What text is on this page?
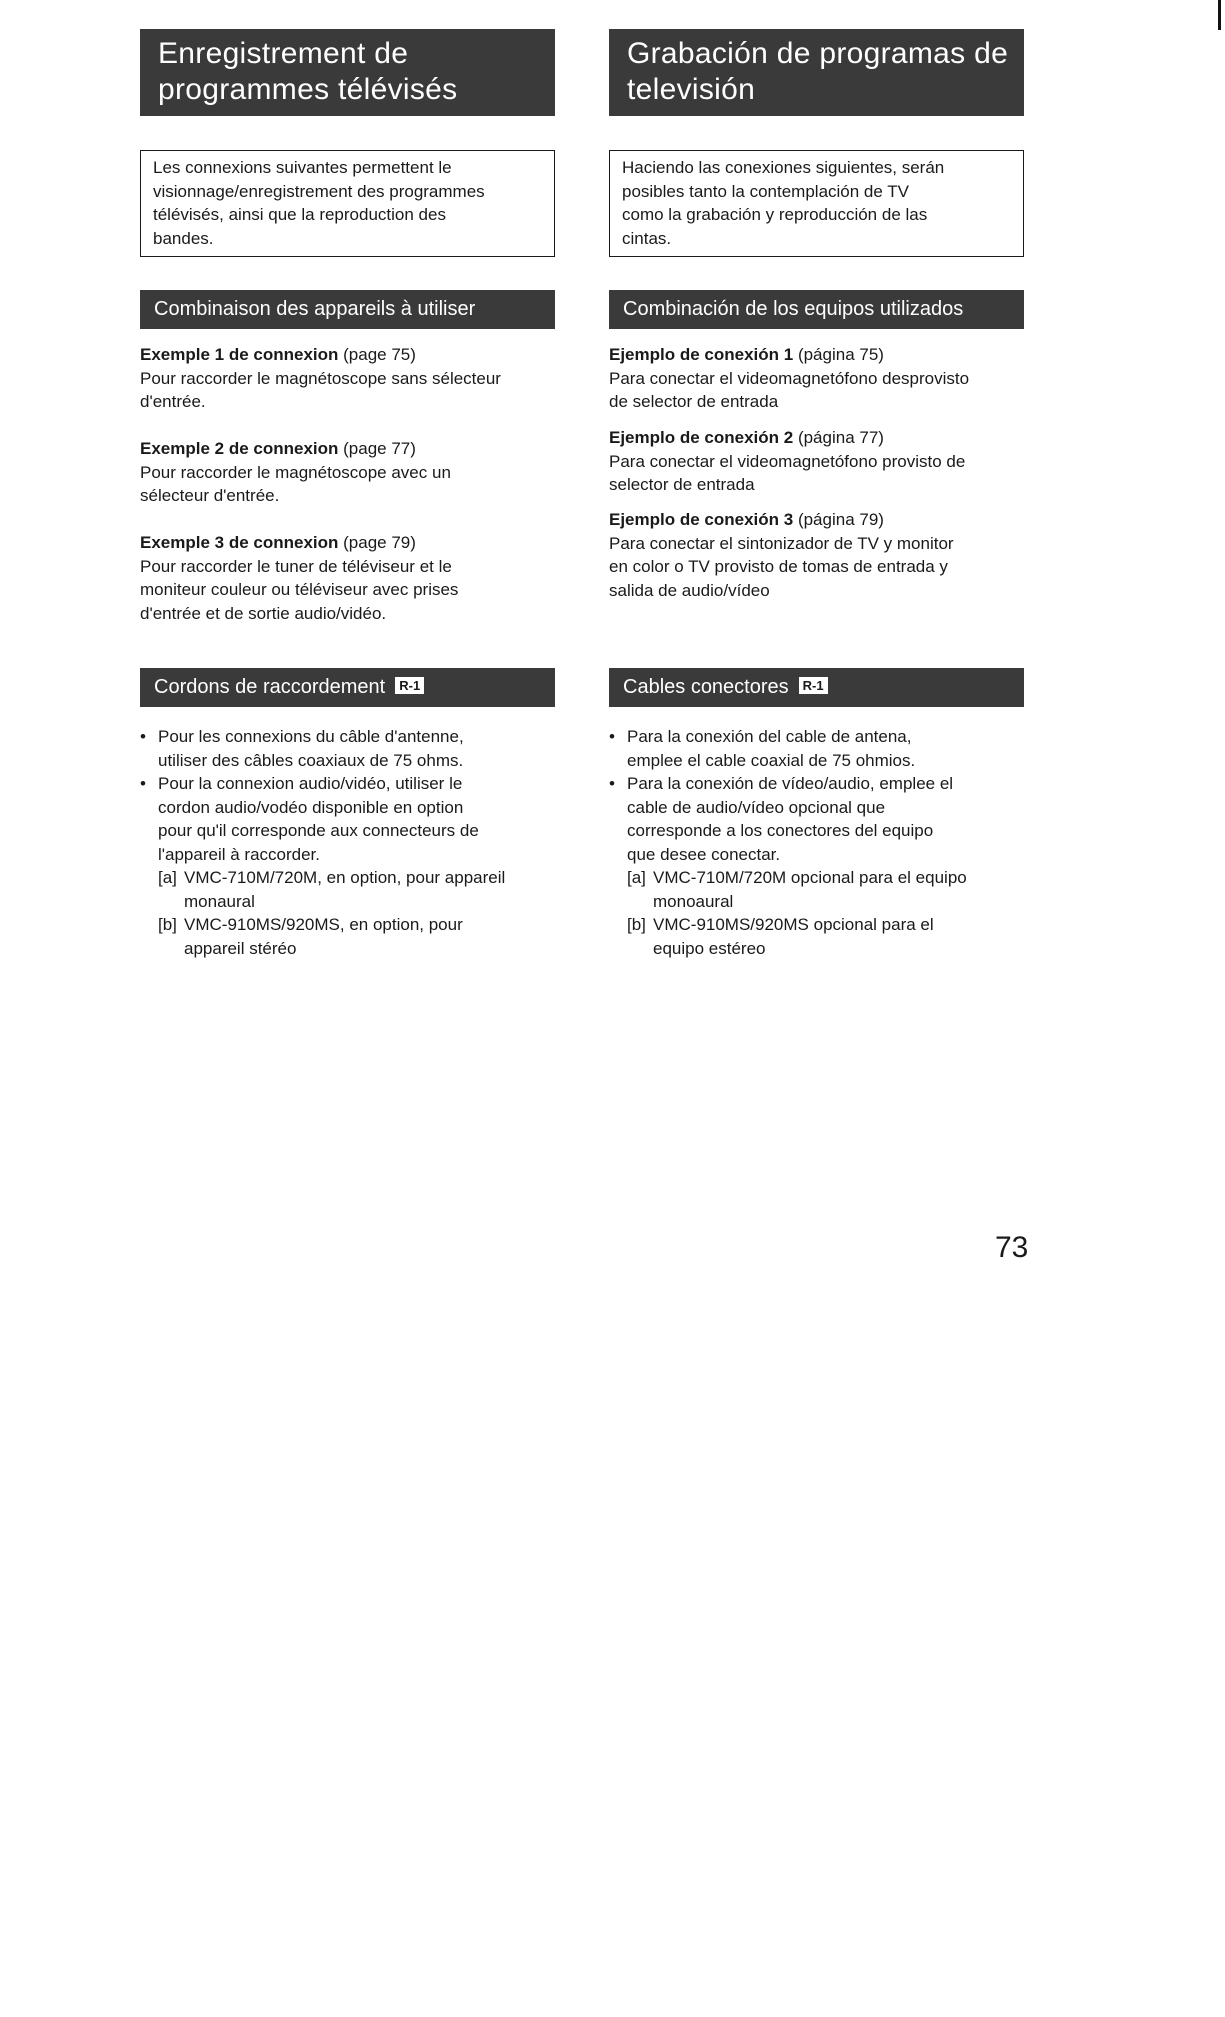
Enregistrement de
programmes télévisés
Les connexions suivantes permettent le
visionnage/enregistrement des programmes
télévisés, ainsi que la reproduction des
bandes.
Combinaison des appareils à utiliser
Exemple 1 de connexion (page 75)
Pour raccorder le magnétoscope sans sélecteur
d'entrée.
Exemple 2 de connexion (page 77)
Pour raccorder le magnétoscope avec un
sélecteur d'entrée.
Exemple 3 de connexion (page 79)
Pour raccorder le tuner de téléviseur et le
moniteur couleur ou téléviseur avec prises
d'entrée et de sortie audio/vidéo.
Cordons de raccordement R-1
• Pour les connexions du câble d'antenne,
utiliser des câbles coaxiaux de 75 ohms.
• Pour la connexion audio/vidéo, utiliser le
cordon audio/vodéo disponible en option
pour qu'il corresponde aux connecteurs de
l'appareil à raccorder.
[a] VMC-710M/720M, en option, pour appareil
monaural
[b] VMC-910MS/920MS, en option, pour
appareil stéréo
Grabación de programas de
televisión
Haciendo las conexiones siguientes, serán
posibles tanto la contemplación de TV
como la grabación y reproducción de las
cintas.
Combinación de los equipos utilizados
Ejemplo de conexión 1 (página 75)
Para conectar el videomagnetófono desprovisto
de selector de entrada
Ejemplo de conexión 2 (página 77)
Para conectar el videomagnetófono provisto de
selector de entrada
Ejemplo de conexión 3 (página 79)
Para conectar el sintonizador de TV y monitor
en color o TV provisto de tomas de entrada y
salida de audio/vídeo
Cables conectores R-1
• Para la conexión del cable de antena,
emplee el cable coaxial de 75 ohmios.
• Para la conexión de vídeo/audio, emplee el
cable de audio/vídeo opcional que
corresponde a los conectores del equipo
que desee conectar.
[a] VMC-710M/720M opcional para el equipo
monoaural
[b] VMC-910MS/920MS opcional para el
equipo estéreo
73
